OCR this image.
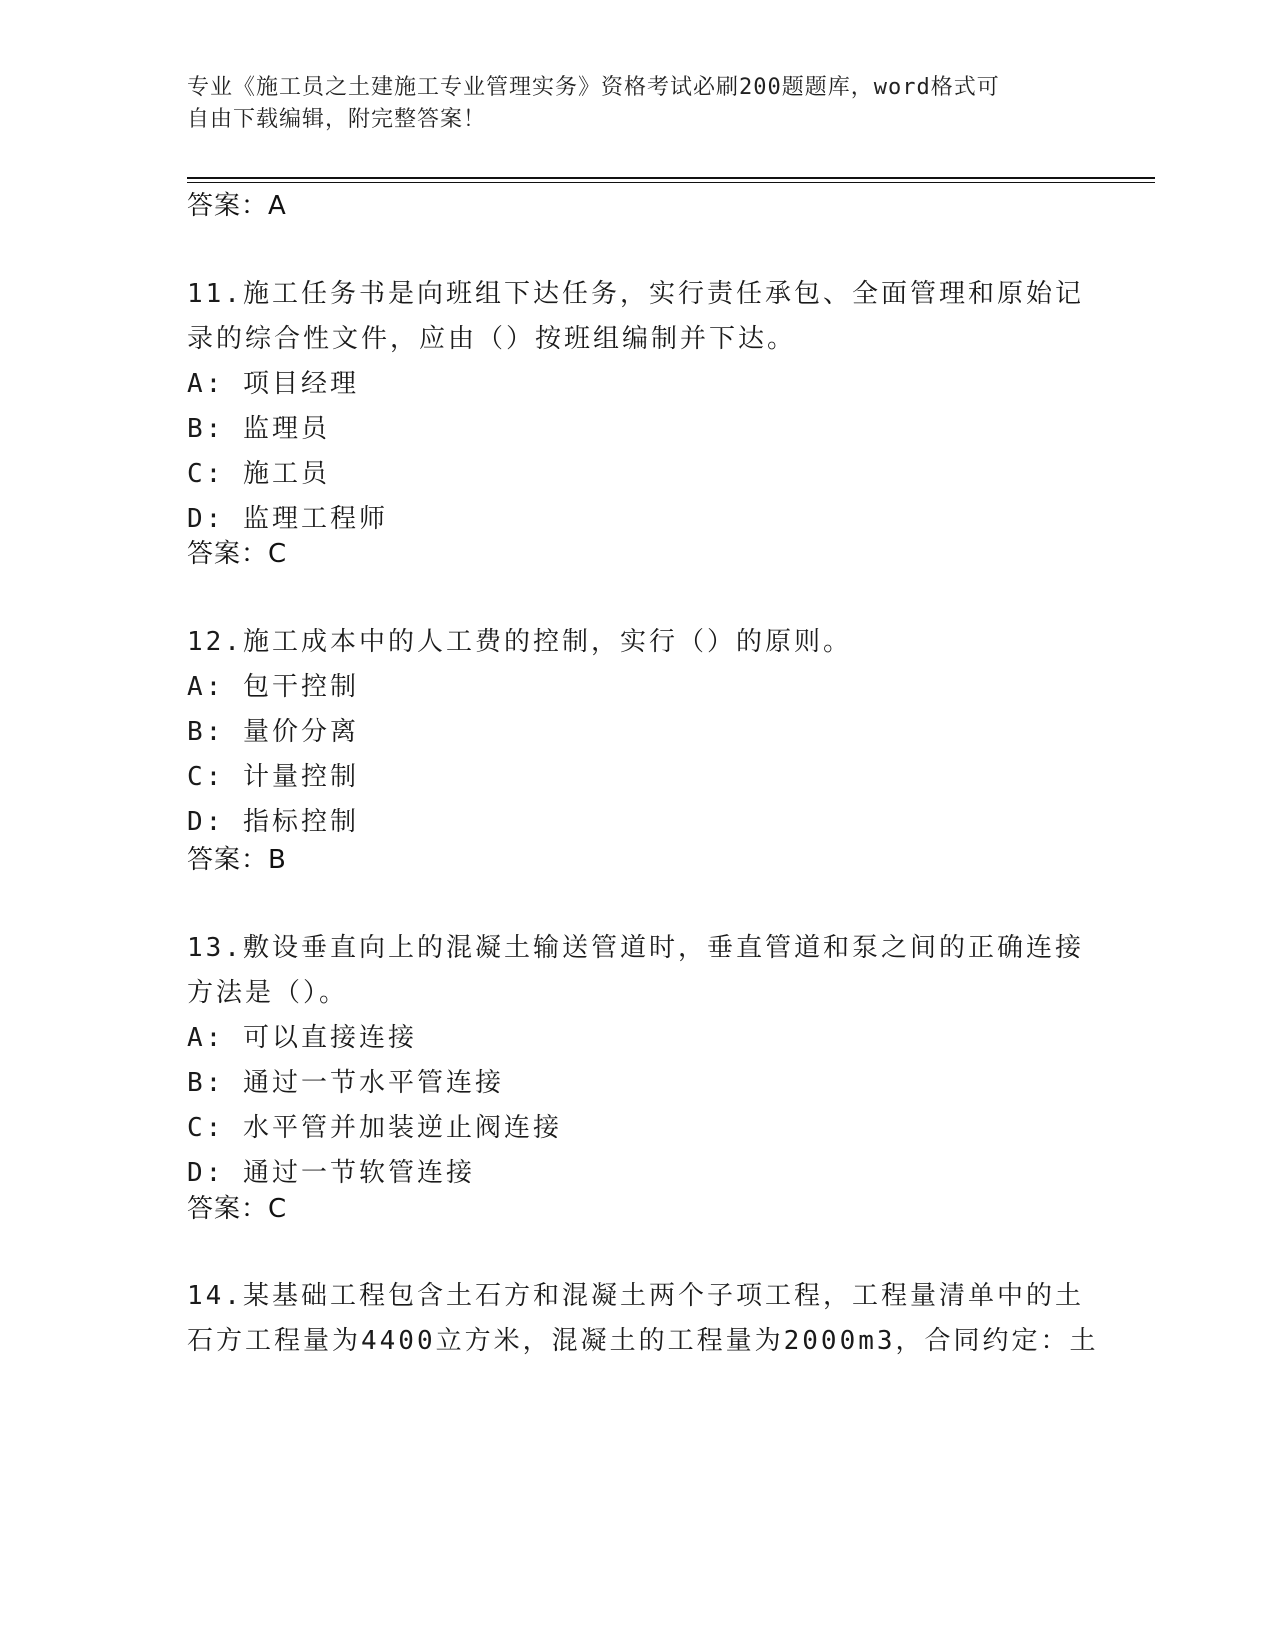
专业《施工员之土建施工专业管理实务》资格考试必刷200题题库，word格式可
自由下载编辑，附完整答案！
答案：A
11.施工任务书是向班组下达任务，实行责任承包、全面管理和原始记
录的综合性文件，应由（）按班组编制并下达。
A: 项目经理
B: 监理员
C: 施工员
D: 监理工程师
答案：C
12.施工成本中的人工费的控制，实行（）的原则。
A: 包干控制
B: 量价分离
C: 计量控制
D: 指标控制
答案：B
13.敷设垂直向上的混凝土输送管道时，垂直管道和泵之间的正确连接
方法是（）。
A: 可以直接连接
B: 通过一节水平管连接
C: 水平管并加装逆止阀连接
D: 通过一节软管连接
答案：C
14.某基础工程包含土石方和混凝土两个子项工程，工程量清单中的土
石方工程量为4400立方米，混凝土的工程量为2000m3，合同约定：土
